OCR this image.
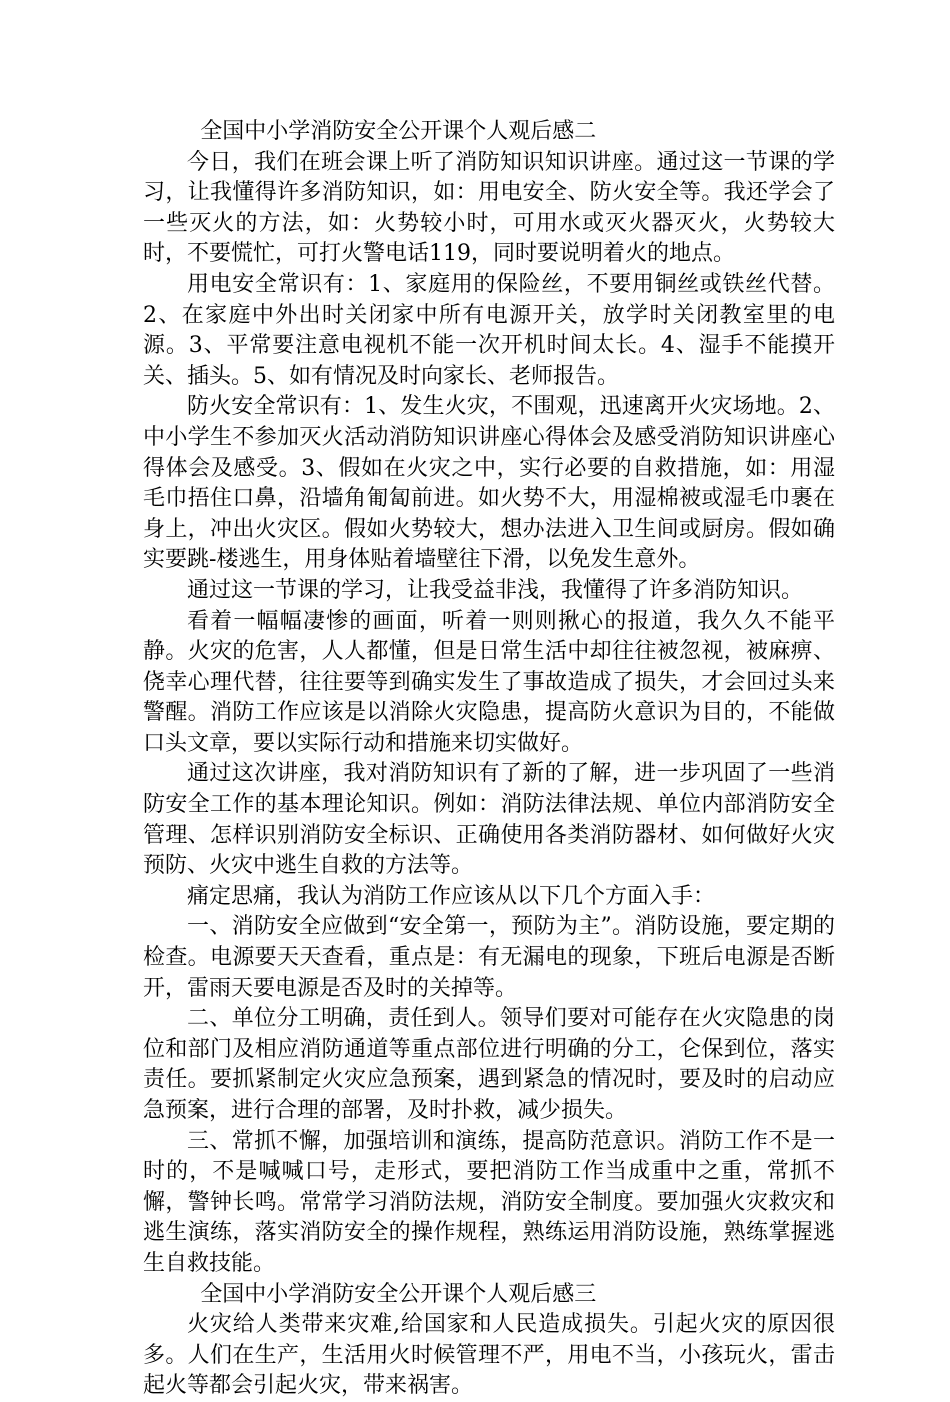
全国中小学消防安全公开课个人观后感二

今日，我们在班会课上听了消防知识知识讲座。通过这一节课的学习，让我懂得许多消防知识，如：用电安全、防火安全等。我还学会了一些灭火的方法，如：火势较小时，可用水或灭火器灭火，火势较大时，不要慌忙，可打火警电话119，同时要说明着火的地点。

用电安全常识有：1、家庭用的保险丝，不要用铜丝或铁丝代替。2、在家庭中外出时关闭家中所有电源开关，放学时关闭教室里的电源。3、平常要注意电视机不能一次开机时间太长。4、湿手不能摸开关、插头。5、如有情况及时向家长、老师报告。

防火安全常识有：1、发生火灾，不围观，迅速离开火灾场地。2、中小学生不参加灭火活动消防知识讲座心得体会及感受消防知识讲座心得体会及感受。3、假如在火灾之中，实行必要的自救措施，如：用湿毛巾捂住口鼻，沿墙角匍匐前进。如火势不大，用湿棉被或湿毛巾裹在身上，冲出火灾区。假如火势较大，想办法进入卫生间或厨房。假如确实要跳-楼逃生，用身体贴着墙壁往下滑，以免发生意外。

通过这一节课的学习，让我受益非浅，我懂得了许多消防知识。

看着一幅幅凄惨的画面，听着一则则揪心的报道，我久久不能平静。火灾的危害，人人都懂，但是日常生活中却往往被忽视，被麻痹、侥幸心理代替，往往要等到确实发生了事故造成了损失，才会回过头来警醒。消防工作应该是以消除火灾隐患，提高防火意识为目的，不能做口头文章，要以实际行动和措施来切实做好。

通过这次讲座，我对消防知识有了新的了解，进一步巩固了一些消防安全工作的基本理论知识。例如：消防法律法规、单位内部消防安全管理、怎样识别消防安全标识、正确使用各类消防器材、如何做好火灾预防、火灾中逃生自救的方法等。

痛定思痛，我认为消防工作应该从以下几个方面入手：

一、消防安全应做到“安全第一，预防为主”。消防设施，要定期的检查。电源要天天查看，重点是：有无漏电的现象，下班后电源是否断开，雷雨天要电源是否及时的关掉等。

二、单位分工明确，责任到人。领导们要对可能存在火灾隐患的岗位和部门及相应消防通道等重点部位进行明确的分工，仑保到位，落实责任。要抓紧制定火灾应急预案，遇到紧急的情况时，要及时的启动应急预案，进行合理的部署，及时扑救，减少损失。

三、常抓不懈，加强培训和演练，提高防范意识。消防工作不是一时的，不是喊喊口号，走形式，要把消防工作当成重中之重，常抓不懈，警钟长鸣。常常学习消防法规，消防安全制度。要加强火灾救灾和逃生演练，落实消防安全的操作规程，熟练运用消防设施，熟练掌握逃生自救技能。

全国中小学消防安全公开课个人观后感三

火灾给人类带来灾难,给国家和人民造成损失。引起火灾的原因很多。人们在生产，生活用火时候管理不严，用电不当，小孩玩火，雷击起火等都会引起火灾，带来祸害。
